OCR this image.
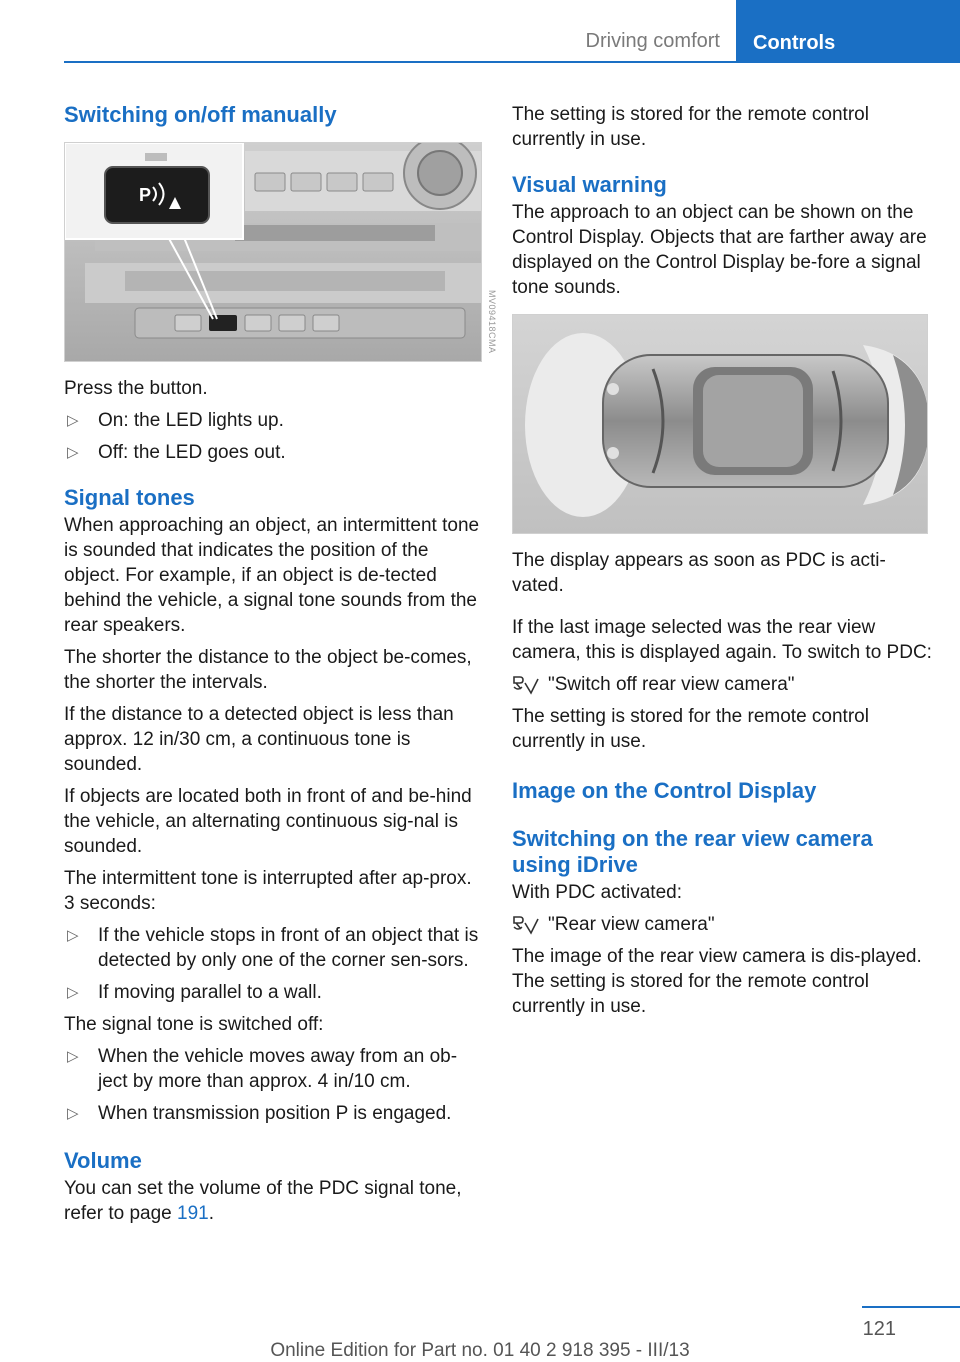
Driving comfort	Controls
Switching on/off manually
P

Press the button.

▷ On: the LED lights up.
▷ Off: the LED goes out.
Signal tones

When approaching an object, an intermittent tone is sounded that indicates the position of the object. For example, if an object is de-tected behind the vehicle, a signal tone sounds from the rear speakers.

The shorter the distance to the object be-comes, the shorter the intervals.

If the distance to a detected object is less than approx. 12 in/30 cm, a continuous tone is sounded.

If objects are located both in front of and be-hind the vehicle, an alternating continuous sig-nal is sounded.

The intermittent tone is interrupted after ap-prox. 3 seconds:

▷ If the vehicle stops in front of an object that is detected by only one of the corner sen-sors.
▷ If moving parallel to a wall.

The signal tone is switched off:

▷ When the vehicle moves away from an ob-ject by more than approx. 4 in/10 cm.
▷ When transmission position P is engaged.
Volume

You can set the volume of the PDC signal tone, refer to page 191.

MV09418CMA

The setting is stored for the remote control currently in use.

Visual warning

The approach to an object can be shown on the Control Display. Objects that are farther away are displayed on the Control Display be-fore a signal tone sounds.

The display appears as soon as PDC is acti-vated.

If the last image selected was the rear view camera, this is displayed again. To switch to PDC:

"Switch off rear view camera"

The setting is stored for the remote control currently in use.

Image on the Control Display
Switching on the rear view camera using iDrive

With PDC activated:

"Rear view camera"

The image of the rear view camera is dis-played. The setting is stored for the remote control currently in use.

121
Online Edition for Part no. 01 40 2 918 395 - III/13
